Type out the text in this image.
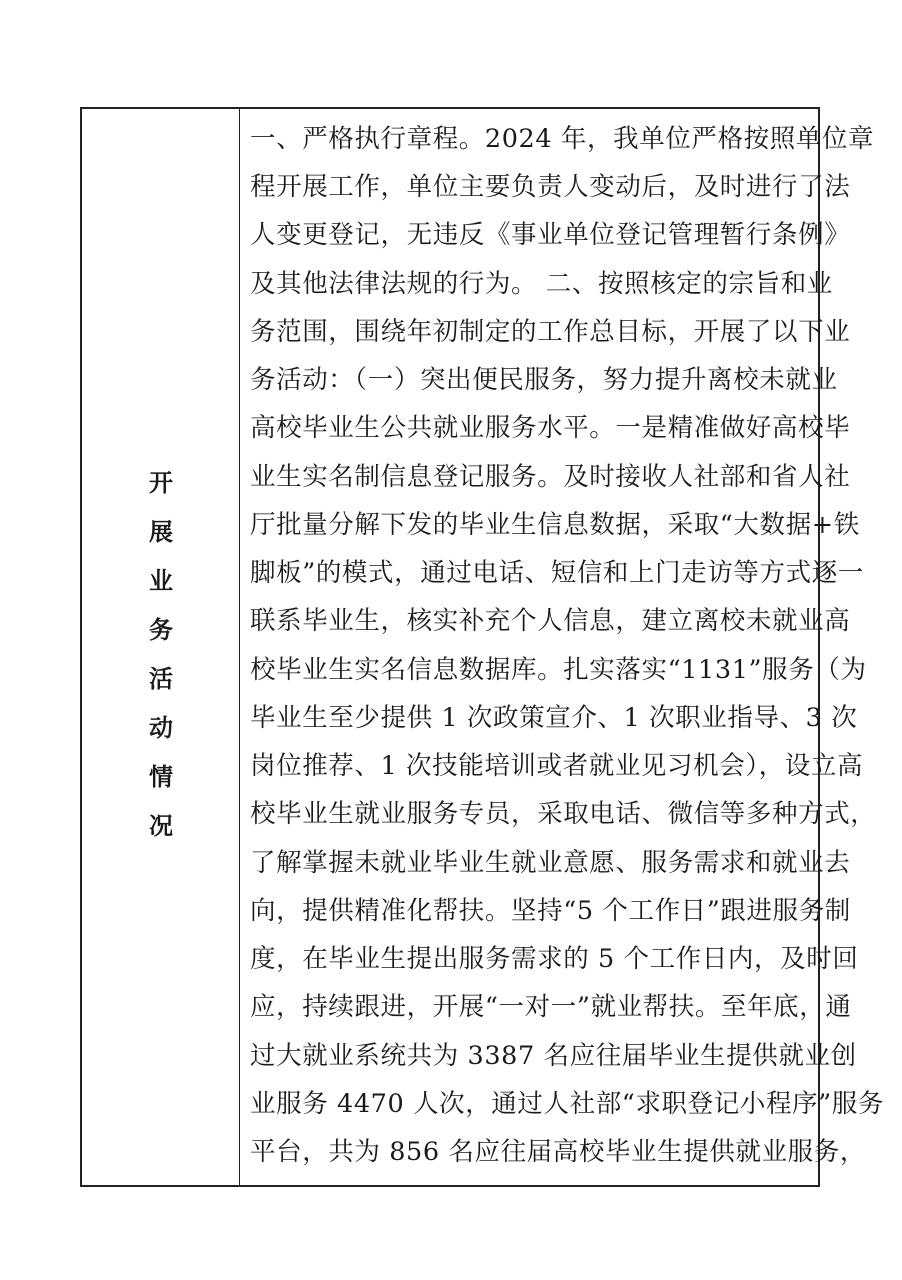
开
展
业
务
活
动
情
况
一、严格执行章程。2024 年，我单位严格按照单位章
程开展工作，单位主要负责人变动后，及时进行了法
人变更登记，无违反《事业单位登记管理暂行条例》
及其他法律法规的行为。 二、按照核定的宗旨和业
务范围，围绕年初制定的工作总目标，开展了以下业
务活动：（一）突出便民服务，努力提升离校未就业
高校毕业生公共就业服务水平。一是精准做好高校毕
业生实名制信息登记服务。及时接收人社部和省人社
厅批量分解下发的毕业生信息数据，采取“大数据+铁
脚板”的模式，通过电话、短信和上门走访等方式逐一
联系毕业生，核实补充个人信息，建立离校未就业高
校毕业生实名信息数据库。扎实落实“1131”服务（为
毕业生至少提供 1 次政策宣介、1 次职业指导、3 次
岗位推荐、1 次技能培训或者就业见习机会），设立高
校毕业生就业服务专员，采取电话、微信等多种方式，
了解掌握未就业毕业生就业意愿、服务需求和就业去
向，提供精准化帮扶。坚持“5 个工作日”跟进服务制
度，在毕业生提出服务需求的 5 个工作日内，及时回
应，持续跟进，开展“一对一”就业帮扶。至年底，通
过大就业系统共为 3387 名应往届毕业生提供就业创
业服务 4470 人次，通过人社部“求职登记小程序”服务
平台，共为 856 名应往届高校毕业生提供就业服务，
